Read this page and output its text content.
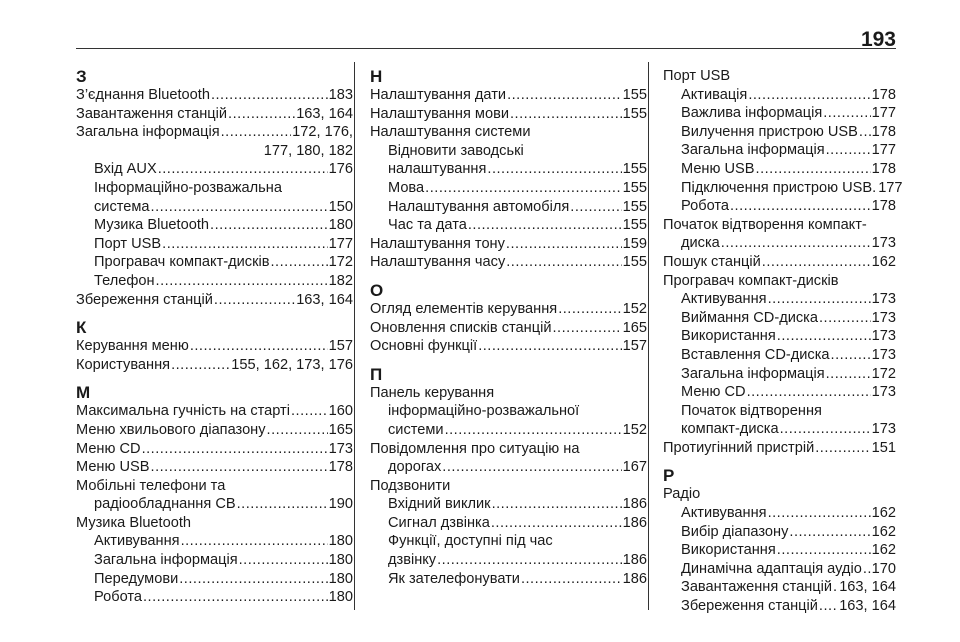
193
З
З’єднання Bluetooth .....	183
Завантаження станцій .....	163, 164
Загальна інформація .....	172, 176,
177, 180, 182
Вхід AUX .....	176
Інформаційно-розважальна
система .....	150
Музика Bluetooth .....	180
Порт USB .....	177
Програвач компакт-дисків .....	172
Телефон .....	182
Збереження станцій .....	163, 164
К
Керування меню .....	157
Користування .....	155, 162, 173, 176
М
Максимальна гучність на старті .....	160
Меню хвильового діапазону .....	165
Меню CD .....	173
Меню USB .....	178
Мобільні телефони та
радіообладнання CB .....	190
Музика Bluetooth
Активування .....	180
Загальна інформація .....	180
Передумови .....	180
Робота .....	180
Н
Налаштування дати .....	155
Налаштування мови .....	155
Налаштування системи
Відновити заводські
налаштування .....	155
Мова .....	155
Налаштування автомобіля .....	155
Час та дата .....	155
Налаштування тону .....	159
Налаштування часу .....	155
О
Огляд елементів керування .....	152
Оновлення списків станцій .....	165
Основні функції .....	157
П
Панель керування
інформаційно-розважальної
системи .....	152
Повідомлення про ситуацію на
дорогах .....	167
Подзвонити
Вхідний виклик .....	186
Сигнал дзвінка .....	186
Функції, доступні під час
дзвінку .....	186
Як зателефонувати .....	186
Порт USB
Активація .....	178
Важлива інформація .....	177
Вилучення пристрою USB ..... 178
Загальна інформація .....	177
Меню USB .....	178
Підключення пристрою USB. 177
Робота .....	178
Початок відтворення компакт-
диска .....	173
Пошук станцій .....	162
Програвач компакт-дисків
Активування .....	173
Виймання CD-диска .....	173
Використання .....	173
Вставлення CD-диска .....	173
Загальна інформація .....	172
Меню CD .....	173
Початок відтворення
компакт-диска .....	173
Протиугінний пристрій .....	151
Р
Радіо
Активування .....	162
Вибір діапазону .....	162
Використання .....	162
Динамічна адаптація аудіо ..... 170
Завантаження станцій ..... 163, 164
Збереження станцій ..... 163, 164
